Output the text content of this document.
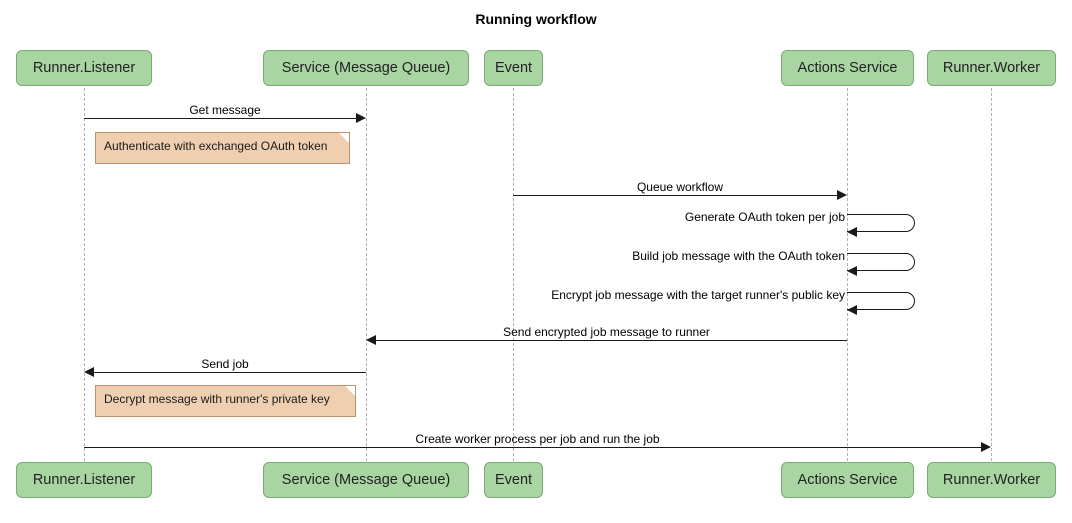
Running workflow
Runner.Listener	Service (Message Queue)	Event	Actions Service	Runner.Worker
Runner.Listener	Service (Message Queue)	Event	Actions Service	Runner.Worker
Get message
Authenticate with exchanged OAuth token
Queue workflow
Generate OAuth token per job
Build job message with the OAuth token
Encrypt job message with the target runner's public key
Send encrypted job message to runner
Send job
Decrypt message with runner's private key
Create worker process per job and run the job
